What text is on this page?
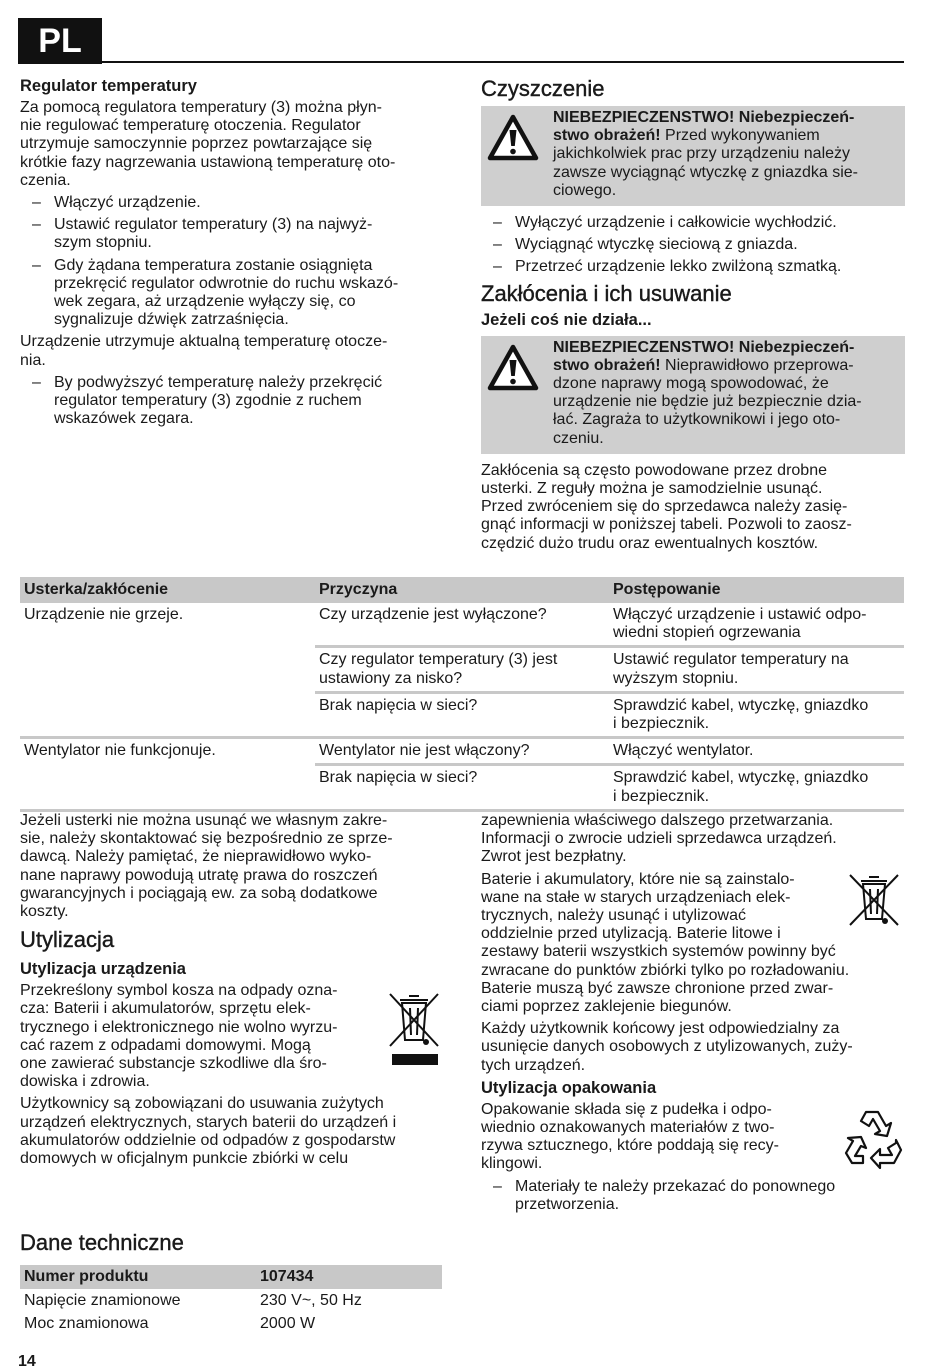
PL
Regulator temperatury

Za pomocą regulatora temperatury (3) można płyn-
nie regulować temperaturę otoczenia. Regulator
utrzymuje samoczynnie poprzez powtarzające się
krótkie fazy nagrzewania ustawioną temperaturę oto-
czenia.

– Włączyć urządzenie.
– Ustawić regulator temperatury (3) na najwyż-
szym stopniu.
– Gdy żądana temperatura zostanie osiągnięta
przekręcić regulator odwrotnie do ruchu wskazó-
wek zegara, aż urządzenie wyłączy się, co
sygnalizuje dźwięk zatrzaśnięcia.

Urządzenie utrzymuje aktualną temperaturę otocze-
nia.

– By podwyższyć temperaturę należy przekręcić
regulator temperatury (3) zgodnie z ruchem
wskazówek zegara.
Czyszczenie
NIEBEZPIECZENSTWO! Niebezpieczeń-
stwo obrażeń! Przed wykonywaniem
jakichkolwiek prac przy urządzeniu należy
zawsze wyciągnąć wtyczkę z gniazdka sie-
ciowego.
– Wyłączyć urządzenie i całkowicie wychłodzić.
– Wyciągnąć wtyczkę sieciową z gniazda.
– Przetrzeć urządzenie lekko zwilżoną szmatką.
Zakłócenia i ich usuwanie
Jeżeli coś nie działa...
NIEBEZPIECZENSTWO! Niebezpieczeń-
stwo obrażeń! Nieprawidłowo przeprowa-
dzone naprawy mogą spowodować, że
urządzenie nie będzie już bezpiecznie dzia-
łać. Zagraża to użytkownikowi i jego oto-
czeniu.

Zakłócenia są często powodowane przez drobne
usterki. Z reguły można je samodzielnie usunąć.
Przed zwróceniem się do sprzedawca należy zasię-
gnąć informacji w poniższej tabeli. Pozwoli to zaosz-
czędzić dużo trudu oraz ewentualnych kosztów.

Usterka/zakłócenie	Przyczyna	Postępowanie
Urządzenie nie grzeje.	Czy urządzenie jest wyłączone?	Włączyć urządzenie i ustawić odpo-
wiedni stopień ogrzewania
	Czy regulator temperatury (3) jest
ustawiony za nisko?	Ustawić regulator temperatury na
wyższym stopniu.
	Brak napięcia w sieci?	Sprawdzić kabel, wtyczkę, gniazdko
i bezpiecznik.
Wentylator nie funkcjonuje.	Wentylator nie jest włączony?	Włączyć wentylator.
	Brak napięcia w sieci?	Sprawdzić kabel, wtyczkę, gniazdko
i bezpiecznik.

Jeżeli usterki nie można usunąć we własnym zakre-
sie, należy skontaktować się bezpośrednio ze sprze-
dawcą. Należy pamiętać, że nieprawidłowo wyko-
nane naprawy powodują utratę prawa do roszczeń
gwarancyjnych i pociągają ew. za sobą dodatkowe
koszty.

Utylizacja
Utylizacja urządzenia

Przekreślony symbol kosza na odpady ozna-
cza: Baterii i akumulatorów, sprzętu elek-
trycznego i elektronicznego nie wolno wyrzu-
cać razem z odpadami domowymi. Mogą
one zawierać substancje szkodliwe dla śro-
dowiska i zdrowia.

Użytkownicy są zobowiązani do usuwania zużytych
urządzeń elektrycznych, starych baterii do urządzeń i
akumulatorów oddzielnie od odpadów z gospodarstw
domowych w oficjalnym punkcie zbiórki w celu

Dane techniczne
Numer produktu	107434
Napięcie znamionowe	230 V~, 50 Hz
Moc znamionowa	2000 W

zapewnienia właściwego dalszego przetwarzania.
Informacji o zwrocie udzieli sprzedawca urządzeń.
Zwrot jest bezpłatny.

Baterie i akumulatory, które nie są zainstalo-
wane na stałe w starych urządzeniach elek-
trycznych, należy usunąć i utylizować
oddzielnie przed utylizacją. Baterie litowe i
zestawy baterii wszystkich systemów powinny być
zwracane do punktów zbiórki tylko po rozładowaniu.
Baterie muszą być zawsze chronione przed zwar-
ciami poprzez zaklejenie biegunów.

Każdy użytkownik końcowy jest odpowiedzialny za
usunięcie danych osobowych z utylizowanych, zuży-
tych urządzeń.

Utylizacja opakowania

Opakowanie składa się z pudełka i odpo-
wiednio oznakowanych materiałów z two-
rzywa sztucznego, które poddają się recy-
klingowi.

– Materiały te należy przekazać do ponownego
przetworzenia.
14
